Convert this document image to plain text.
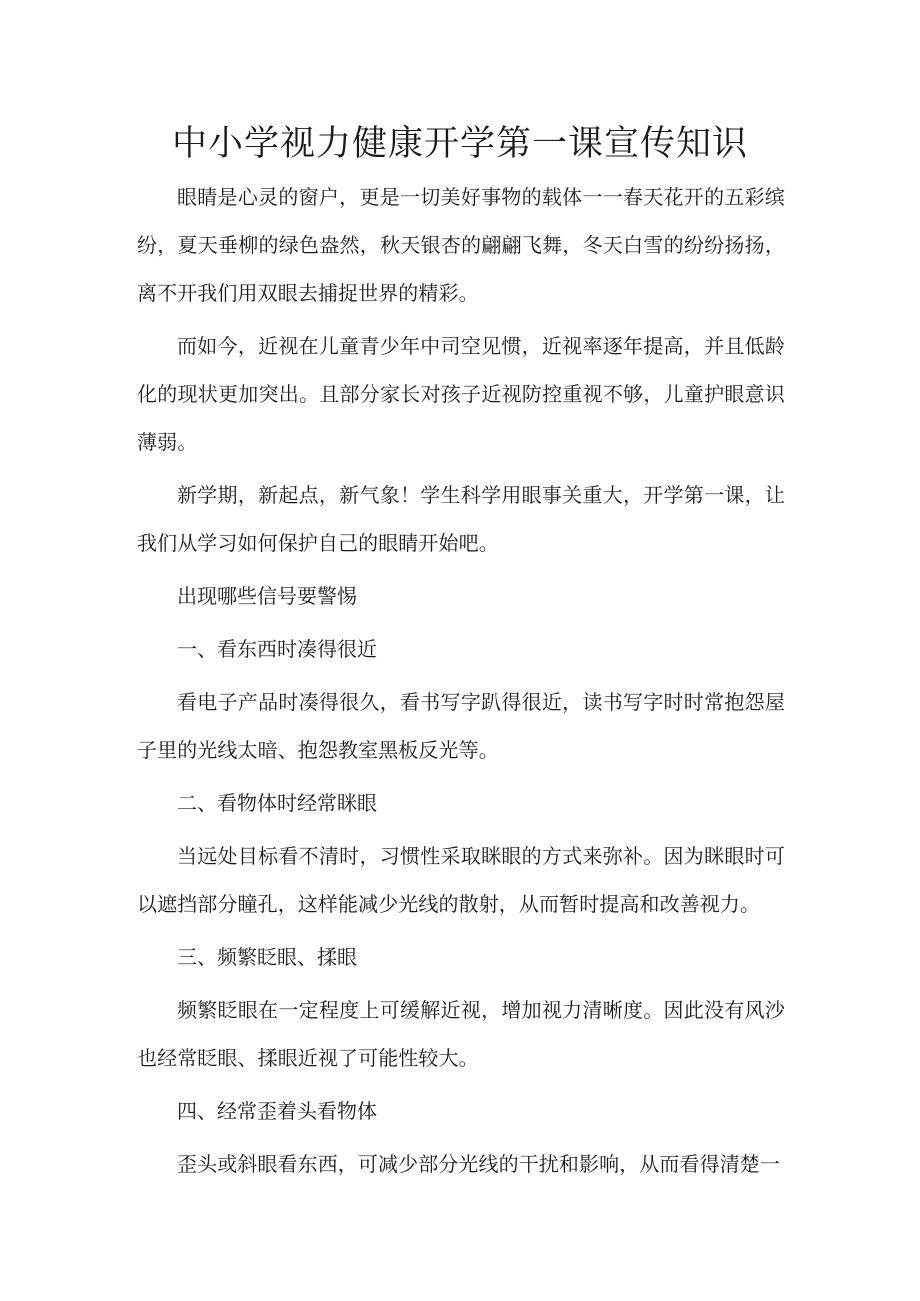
中小学视力健康开学第一课宣传知识

眼睛是心灵的窗户，更是一切美好事物的载体一一春天花开的五彩缤纷，夏天垂柳的绿色盎然，秋天银杏的翩翩飞舞，冬天白雪的纷纷扬扬，离不开我们用双眼去捕捉世界的精彩。

而如今，近视在儿童青少年中司空见惯，近视率逐年提高，并且低龄化的现状更加突出。且部分家长对孩子近视防控重视不够，儿童护眼意识薄弱。

新学期，新起点，新气象！学生科学用眼事关重大，开学第一课，让我们从学习如何保护自己的眼睛开始吧。

出现哪些信号要警惕

一、看东西时凑得很近

看电子产品时凑得很久，看书写字趴得很近，读书写字时时常抱怨屋子里的光线太暗、抱怨教室黑板反光等。

二、看物体时经常眯眼

当远处目标看不清时，习惯性采取眯眼的方式来弥补。因为眯眼时可以遮挡部分瞳孔，这样能减少光线的散射，从而暂时提高和改善视力。

三、频繁眨眼、揉眼

频繁眨眼在一定程度上可缓解近视，增加视力清晰度。因此没有风沙也经常眨眼、揉眼近视了可能性较大。

四、经常歪着头看物体

歪头或斜眼看东西，可减少部分光线的干扰和影响，从而看得清楚一
